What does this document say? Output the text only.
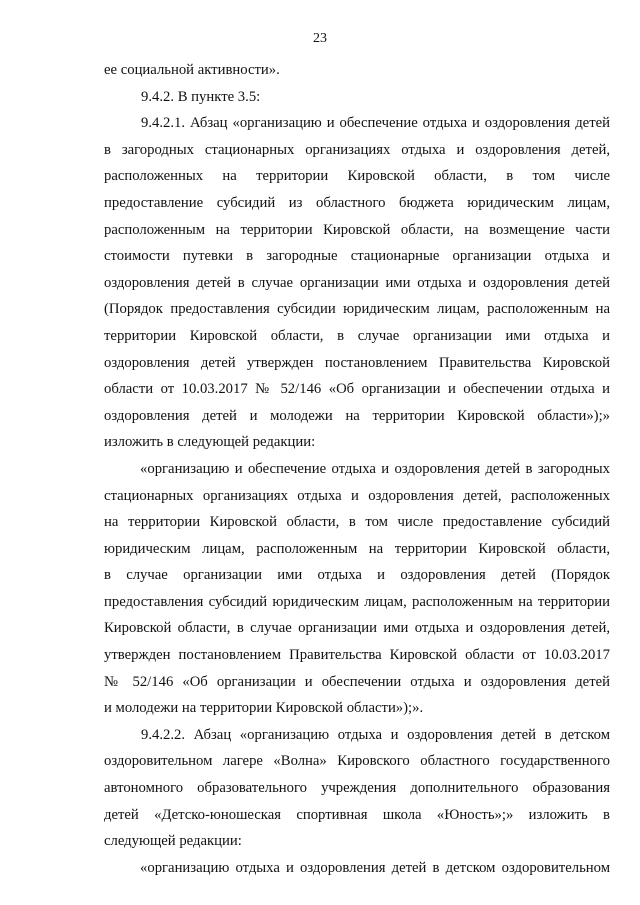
23
ее социальной активности».
9.4.2. В пункте 3.5:
9.4.2.1. Абзац «организацию и обеспечение отдыха и оздоровления детей
в загородных стационарных организациях отдыха и оздоровления детей,
расположенных на территории Кировской области, в том числе
предоставление субсидий из областного бюджета юридическим лицам,
расположенным на территории Кировской области, на возмещение части
стоимости путевки в загородные стационарные организации отдыха и
оздоровления детей в случае организации ими отдыха и оздоровления детей
(Порядок предоставления субсидии юридическим лицам, расположенным на
территории Кировской области, в случае организации ими отдыха и
оздоровления детей утвержден постановлением Правительства Кировской
области от 10.03.2017 № 52/146 «Об организации и обеспечении отдыха и
оздоровления детей и молодежи на территории Кировской области»);»
изложить в следующей редакции:
«организацию и обеспечение отдыха и оздоровления детей в загородных
стационарных организациях отдыха и оздоровления детей, расположенных
на территории Кировской области, в том числе предоставление субсидий
юридическим лицам, расположенным на территории Кировской области,
в случае организации ими отдыха и оздоровления детей (Порядок
предоставления субсидий юридическим лицам, расположенным на территории
Кировской области, в случае организации ими отдыха и оздоровления детей,
утвержден постановлением Правительства Кировской области от 10.03.2017
№ 52/146 «Об организации и обеспечении отдыха и оздоровления детей
и молодежи на территории Кировской области»);».
9.4.2.2. Абзац «организацию отдыха и оздоровления детей в детском
оздоровительном лагере «Волна» Кировского областного государственного
автономного образовательного учреждения дополнительного образования
детей «Детско-юношеская спортивная школа «Юность»;» изложить в
следующей редакции:
«организацию отдыха и оздоровления детей в детском оздоровительном
